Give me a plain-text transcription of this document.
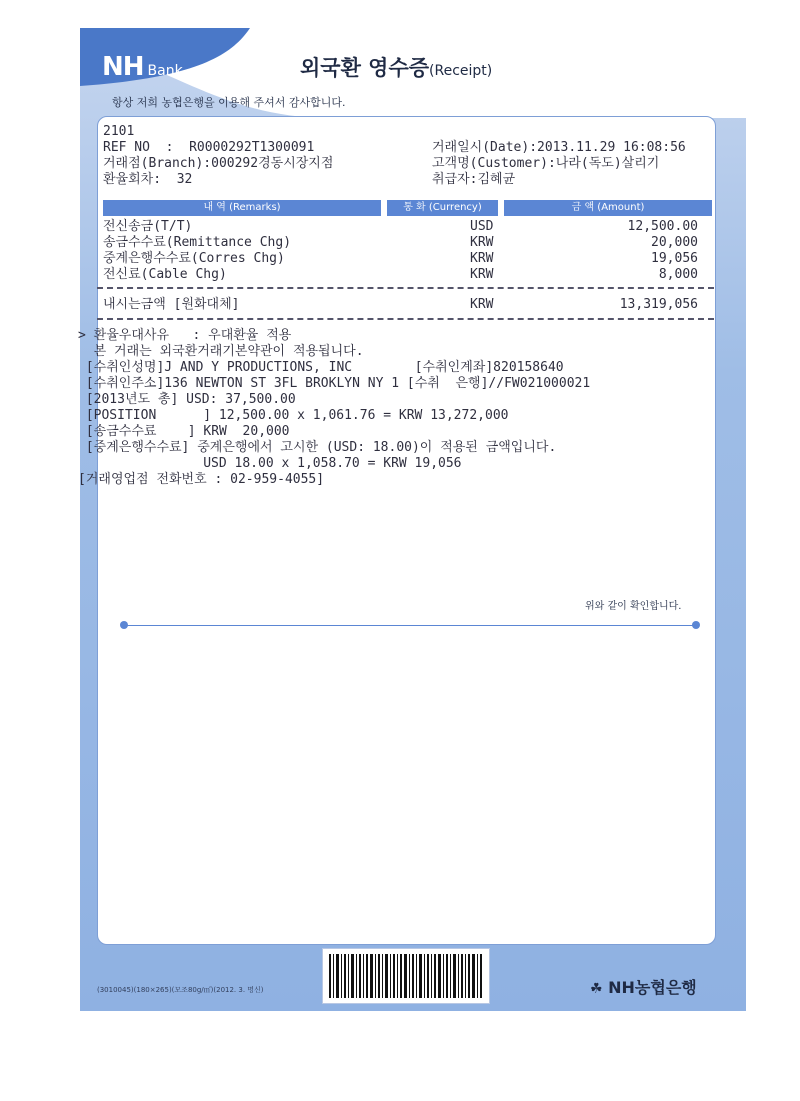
NH Bank	외국환 영수증(Receipt)
항상 저희 농협은행을 이용해 주셔서 감사합니다.
2101
REF NO  :  R0000292T1300091
거래점(Branch):000292경동시장지점
환율회차:  32
거래일시(Date):2013.11.29 16:08:56
고객명(Customer):나라(독도)살리기
취급자:김혜균
내 역 (Remarks)	통 화 (Currency)	금 액 (Amount)
전신송금(T/T)	USD	12,500.00
송금수수료(Remittance Chg)	KRW	20,000
중계은행수수료(Corres Chg)	KRW	19,056
전신료(Cable Chg)	KRW	8,000
내시는금액 [원화대체]	KRW	13,319,056
> 환율우대사유   : 우대환율 적용
본 거래는 외국환거래기본약관이 적용됩니다.
[수취인성명]J AND Y PRODUCTIONS, INC        [수취인계좌]820158640
[수취인주소]136 NEWTON ST 3FL BROKLYN NY 1 [수취  은행]//FW021000021
[2013년도 총] USD: 37,500.00
[POSITION      ] 12,500.00 x 1,061.76 = KRW 13,272,000
[송금수수료    ] KRW  20,000
[중계은행수수료] 중계은행에서 고시한 (USD: 18.00)이 적용된 금액입니다.
USD 18.00 x 1,058.70 = KRW 19,056
[거래영업점 전화번호 : 02-959-4055]
위와 같이 확인합니다.
(3010045)(180×265)(모조80g/㎡)(2012. 3. 명신)	☘ NH농협은행
